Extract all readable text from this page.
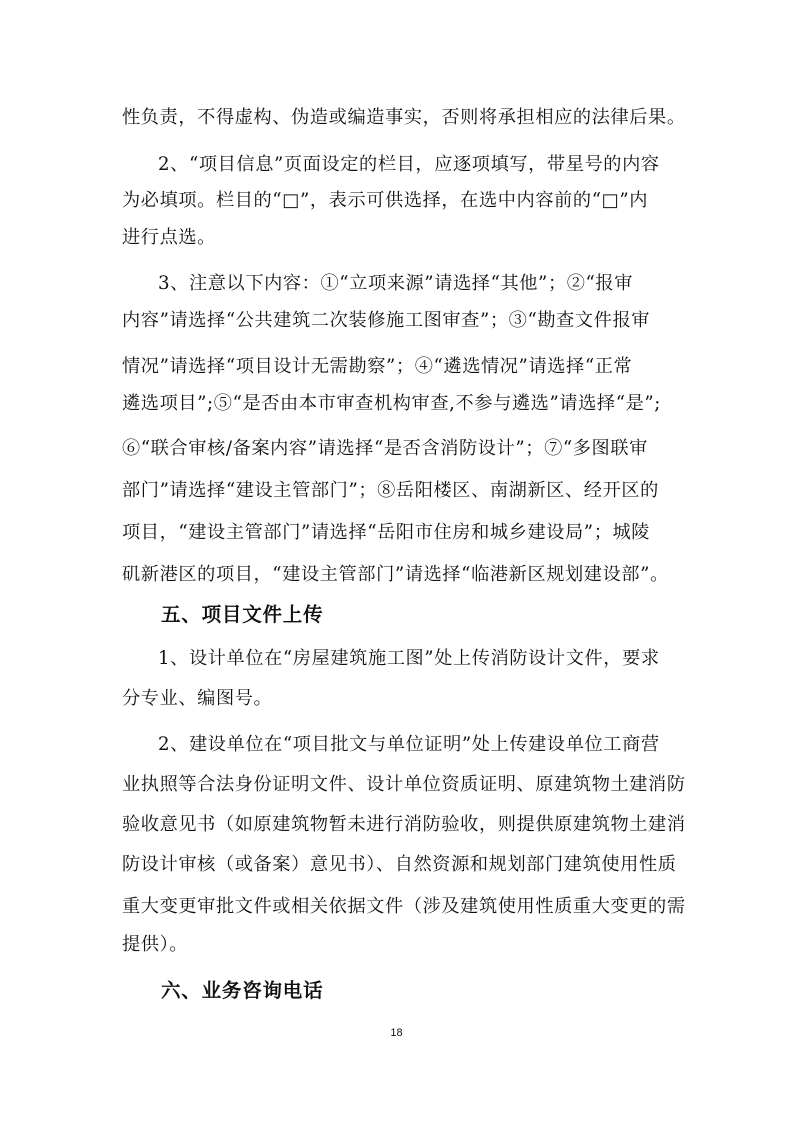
性负责，不得虚构、伪造或编造事实，否则将承担相应的法律后果。
2、“项目信息”页面设定的栏目，应逐项填写，带星号的内容
为必填项。栏目的“□”，表示可供选择，在选中内容前的“□”内
进行点选。
3、注意以下内容：①“立项来源”请选择“其他”；②“报审
内容”请选择“公共建筑二次装修施工图审查”；③“勘查文件报审
情况”请选择“项目设计无需勘察”；④“遴选情况”请选择“正常
遴选项目”;⑤“是否由本市审查机构审查,不参与遴选”请选择“是”;
⑥“联合审核/备案内容”请选择“是否含消防设计”；⑦“多图联审
部门”请选择“建设主管部门”；⑧岳阳楼区、南湖新区、经开区的
项目，“建设主管部门”请选择“岳阳市住房和城乡建设局”；城陵
矶新港区的项目，“建设主管部门”请选择“临港新区规划建设部”。
五、项目文件上传
1、设计单位在“房屋建筑施工图”处上传消防设计文件，要求
分专业、编图号。
2、建设单位在“项目批文与单位证明”处上传建设单位工商营
业执照等合法身份证明文件、设计单位资质证明、原建筑物土建消防
验收意见书（如原建筑物暂未进行消防验收，则提供原建筑物土建消
防设计审核（或备案）意见书）、自然资源和规划部门建筑使用性质
重大变更审批文件或相关依据文件（涉及建筑使用性质重大变更的需
提供）。
六、业务咨询电话
18
